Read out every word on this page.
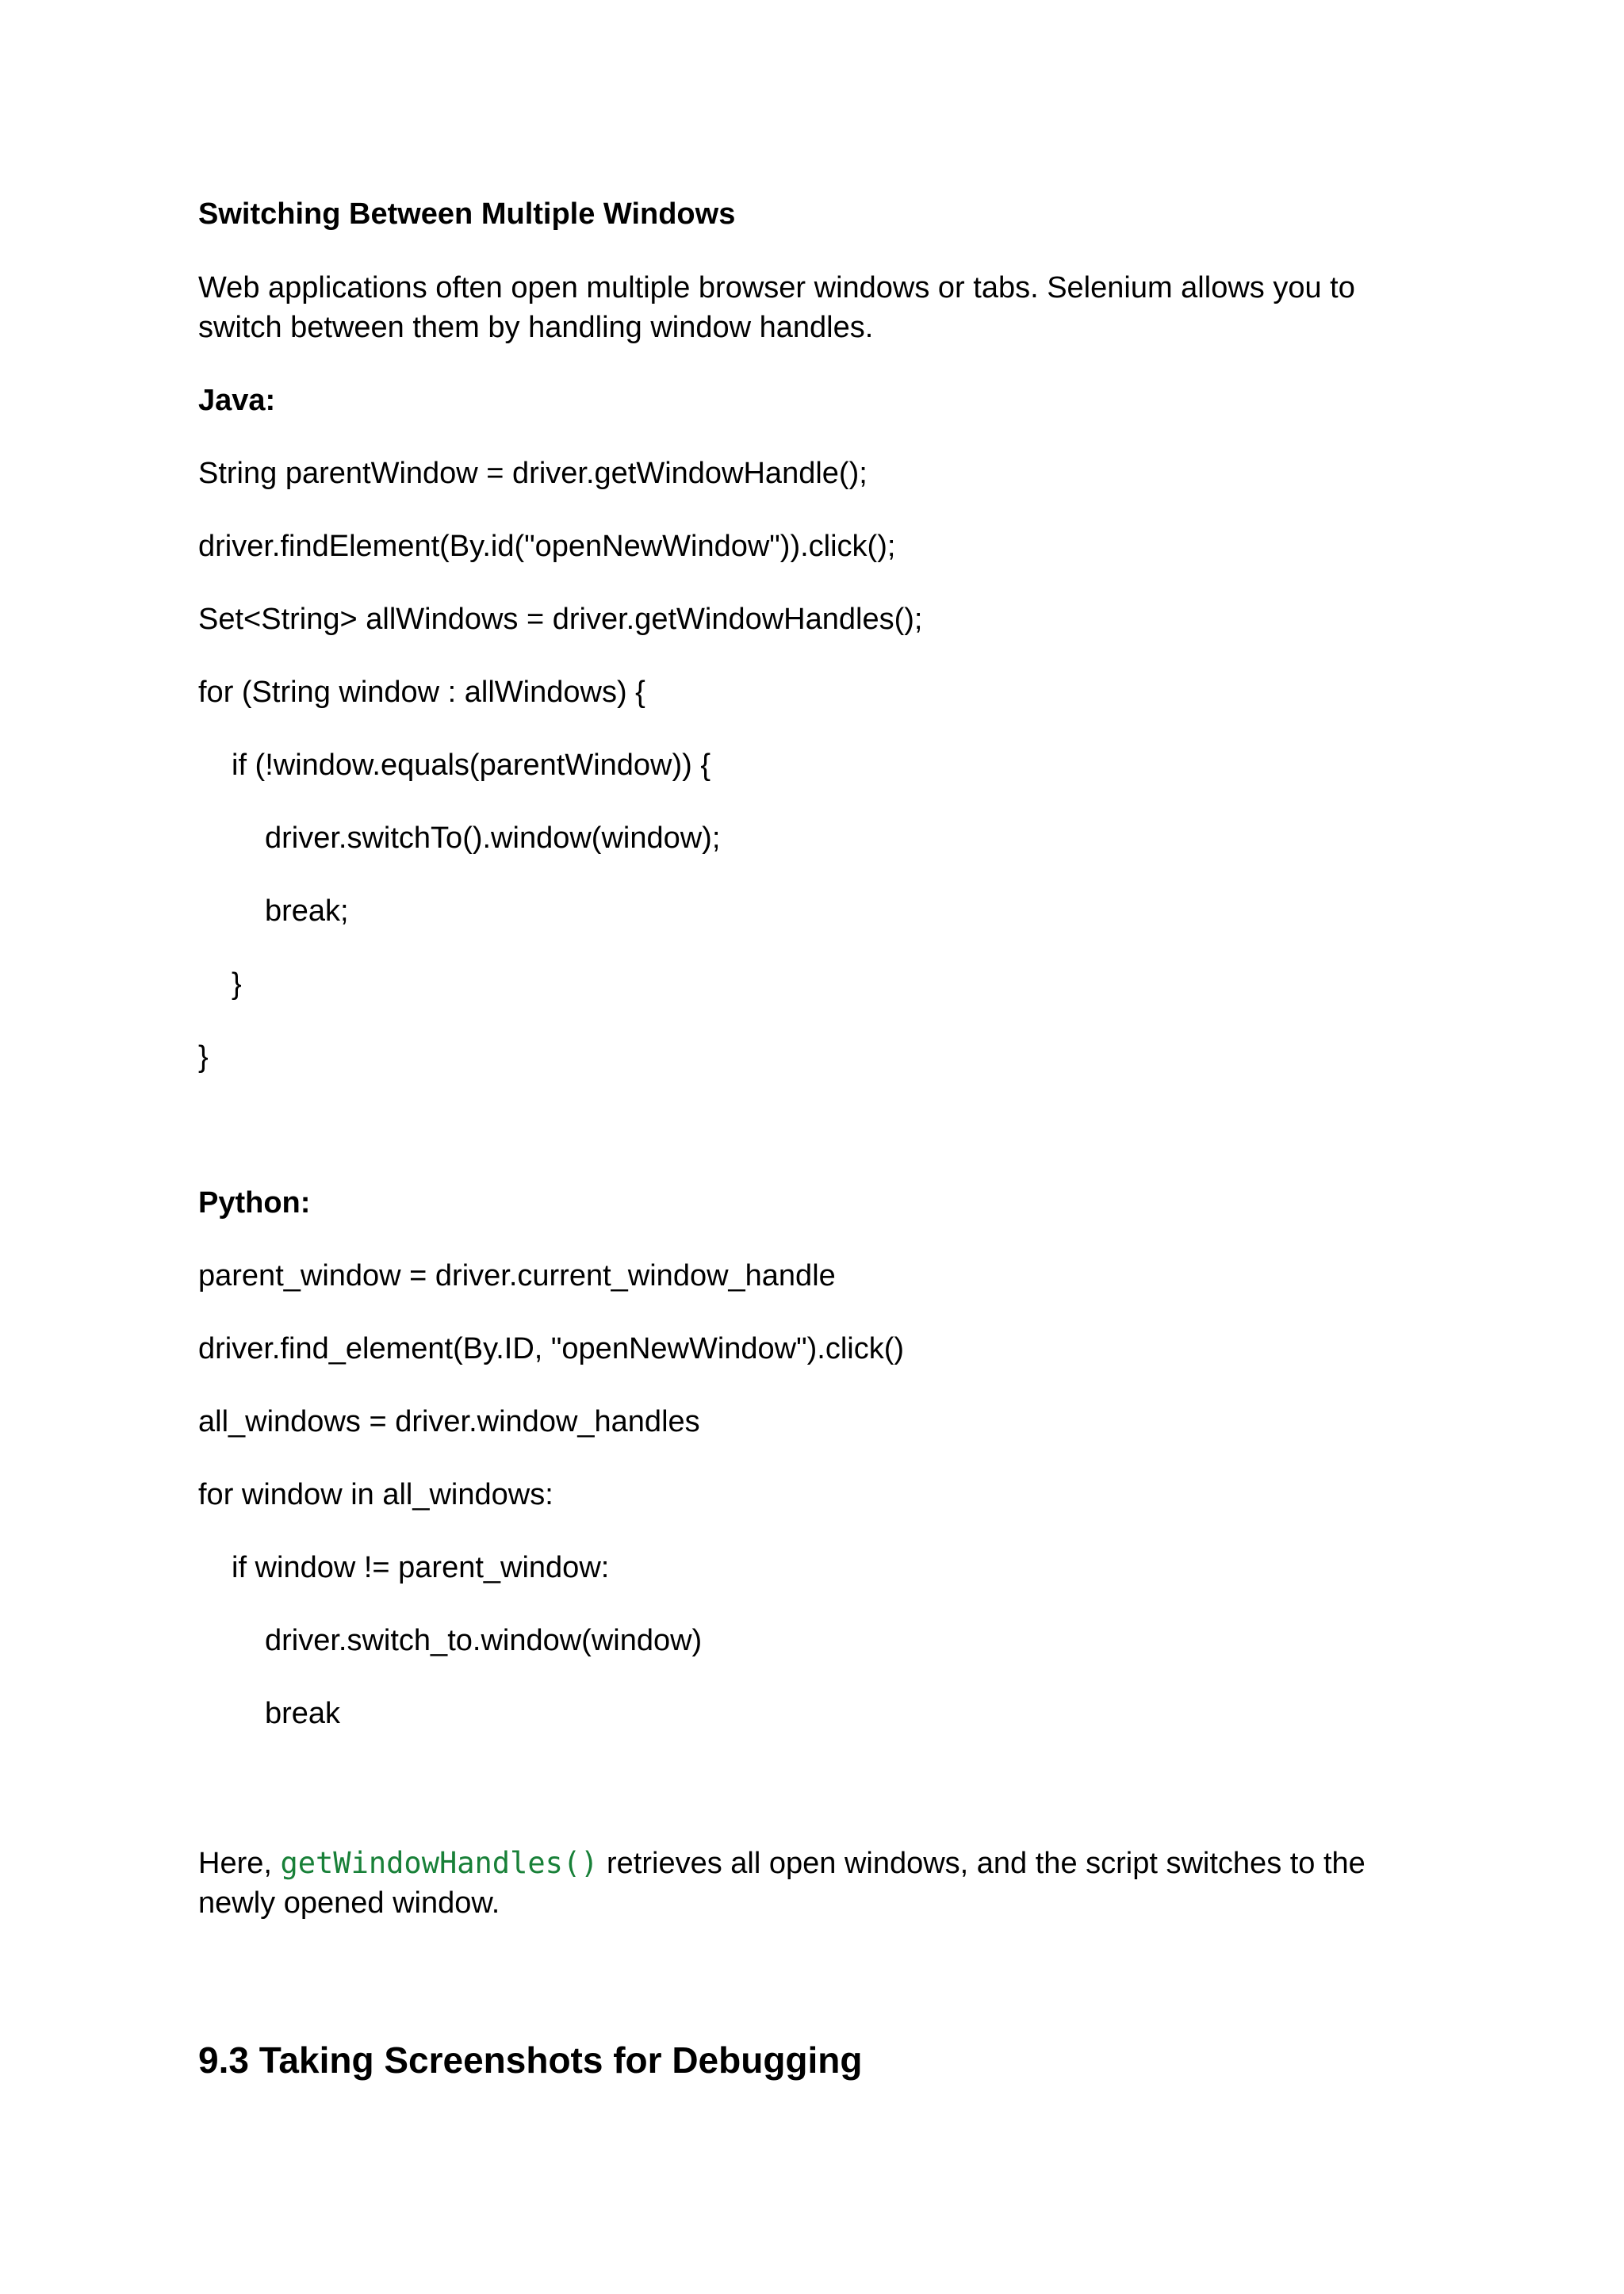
Switching Between Multiple Windows
Web applications often open multiple browser windows or tabs. Selenium allows you to switch between them by handling window handles.
Java:
String parentWindow = driver.getWindowHandle();
driver.findElement(By.id("openNewWindow")).click();
Set<String> allWindows = driver.getWindowHandles();
for (String window : allWindows) {
if (!window.equals(parentWindow)) {
driver.switchTo().window(window);
break;
}
}
Python:
parent_window = driver.current_window_handle
driver.find_element(By.ID, "openNewWindow").click()
all_windows = driver.window_handles
for window in all_windows:
if window != parent_window:
driver.switch_to.window(window)
break
Here, getWindowHandles() retrieves all open windows, and the script switches to the newly opened window.
9.3 Taking Screenshots for Debugging
